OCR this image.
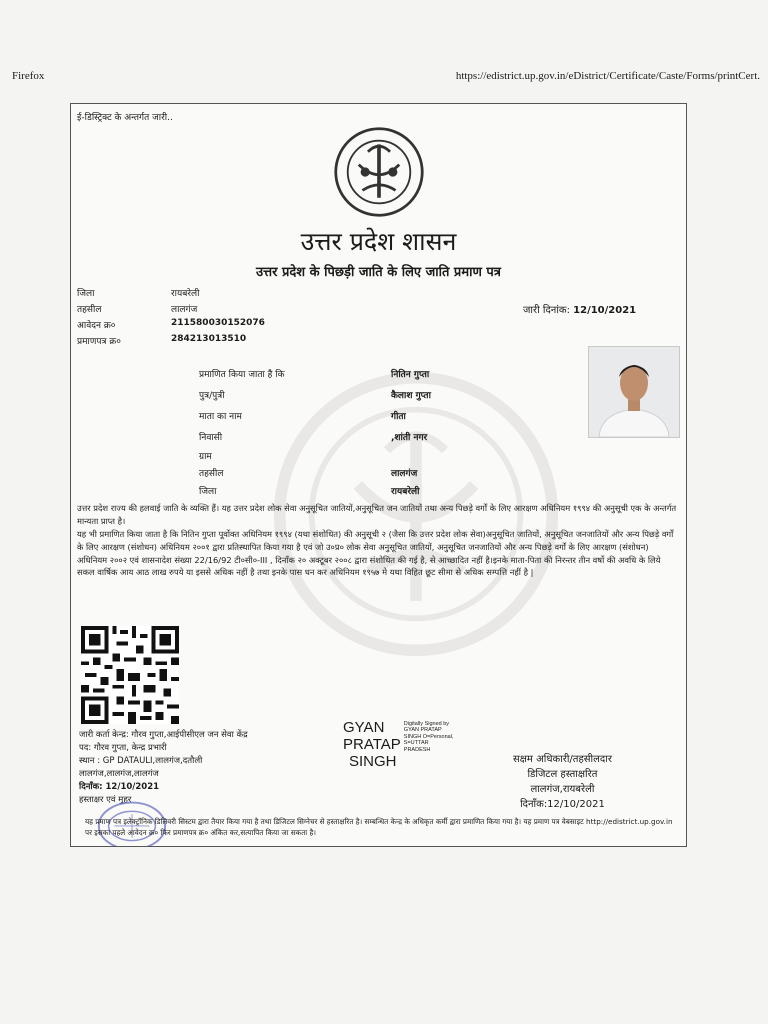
Firefox	https://edistrict.up.gov.in/eDistrict/Certificate/Caste/Forms/printCert.
ई-डिस्ट्रिक्ट के अन्तर्गत जारी..
उत्तर प्रदेश शासन
उत्तर प्रदेश के पिछड़ी जाति के लिए जाति प्रमाण पत्र
जिला	रायबरेली
तहसील	लालगंज
आवेदन क्र०	211580030152076
प्रमाणपत्र क्र०	284213013510
जारी दिनांक: 12/10/2021
प्रमाणित किया जाता है कि	नितिन गुप्ता
पुत्र/पुत्री	कैलाश गुप्ता
माता का नाम	गीता
निवासी	,शांती नगर
ग्राम
तहसील	लालगंज
जिला	रायबरेली
उत्तर प्रदेश राज्य की हलवाई जाति के व्यक्ति हैं। यह उत्तर प्रदेश लोक सेवा अनुसूचित जातियों,अनुसूचित जन जातियों तथा अन्य पिछड़े वर्गों के लिए आरक्षण अधिनियम १९९४ की अनुसूची एक के अन्तर्गत मान्यता प्राप्त है।
यह भी प्रमाणित किया जाता है कि नितिन गुप्ता पूर्वोक्त अधिनियम १९९४ (यथा संशोधित) की अनुसूची २ (जैसा कि उत्तर प्रदेश लोक सेवा)अनुसूचित जातियों, अनुसूचित जनजातियों और अन्य पिछड़े वर्गों के लिए आरक्षण (संशोधन) अधिनियम २००१ द्वारा प्रतिस्थापित किया गया है एवं जो उ०प्र० लोक सेवा अनुसूचित जातियों, अनुसूचित जनजातियों और अन्य पिछड़े वर्गों के लिए आरक्षण (संशोधन) अधिनियम २००२ एवं शासनादेश संख्या 22/16/92 टी०सी०-III , दिनाँक २० अक्टूबर २००८ द्वारा संशोधित की गई है, से आच्छादित नहीं है।इनके माता-पिता की निरन्तर तीन वर्षो की अवधि के लिये सकल वार्षिक आय आठ लाख रुपये या इससे अधिक नहीं है तथा इनके पास धन कर अधिनियम १९५७ मे यथा विहित छूट सीमा से अधिक सम्पत्ति नहीं है |
जारी कर्ता केन्द्र: गौरव गुप्ता,आईपीसीएल जन सेवा केंद्र
पद: गौरव गुप्ता, केन्द्र प्रभारी
स्थान : GP DATAULI,लालगंज,दतौली
लालगंज,लालगंज,लालगंज
दिनाँक: 12/10/2021
हस्ताक्षर एवं मुहर
GYAN
PRATAP
SINGH
Digitally Signed by
GYAN PRATAP
SINGH O=Personal,
S=UTTAR
PRADESH
सक्षम अधिकारी/तहसीलदार
डिजिटल हस्ताक्षरित
लालगंज,रायबरेली
दिनाँक:12/10/2021
यह प्रमाण पत्र इलेक्ट्रॉनिक डिलिवरी सिस्टम द्वारा तैयार किया गया है तथा डिजिटल सिग्नेचर से हस्ताक्षरित है। सम्बन्धित केन्द्र के अधिकृत कर्मी द्वारा प्रमाणित किया गया है। यह प्रमाण पत्र वेबसाइट http://edistrict.up.gov.in पर इसका पहले आवेदन क्र० फिर प्रमाणपत्र क्र० अंकित कर,सत्यापित किया जा सकता है।
